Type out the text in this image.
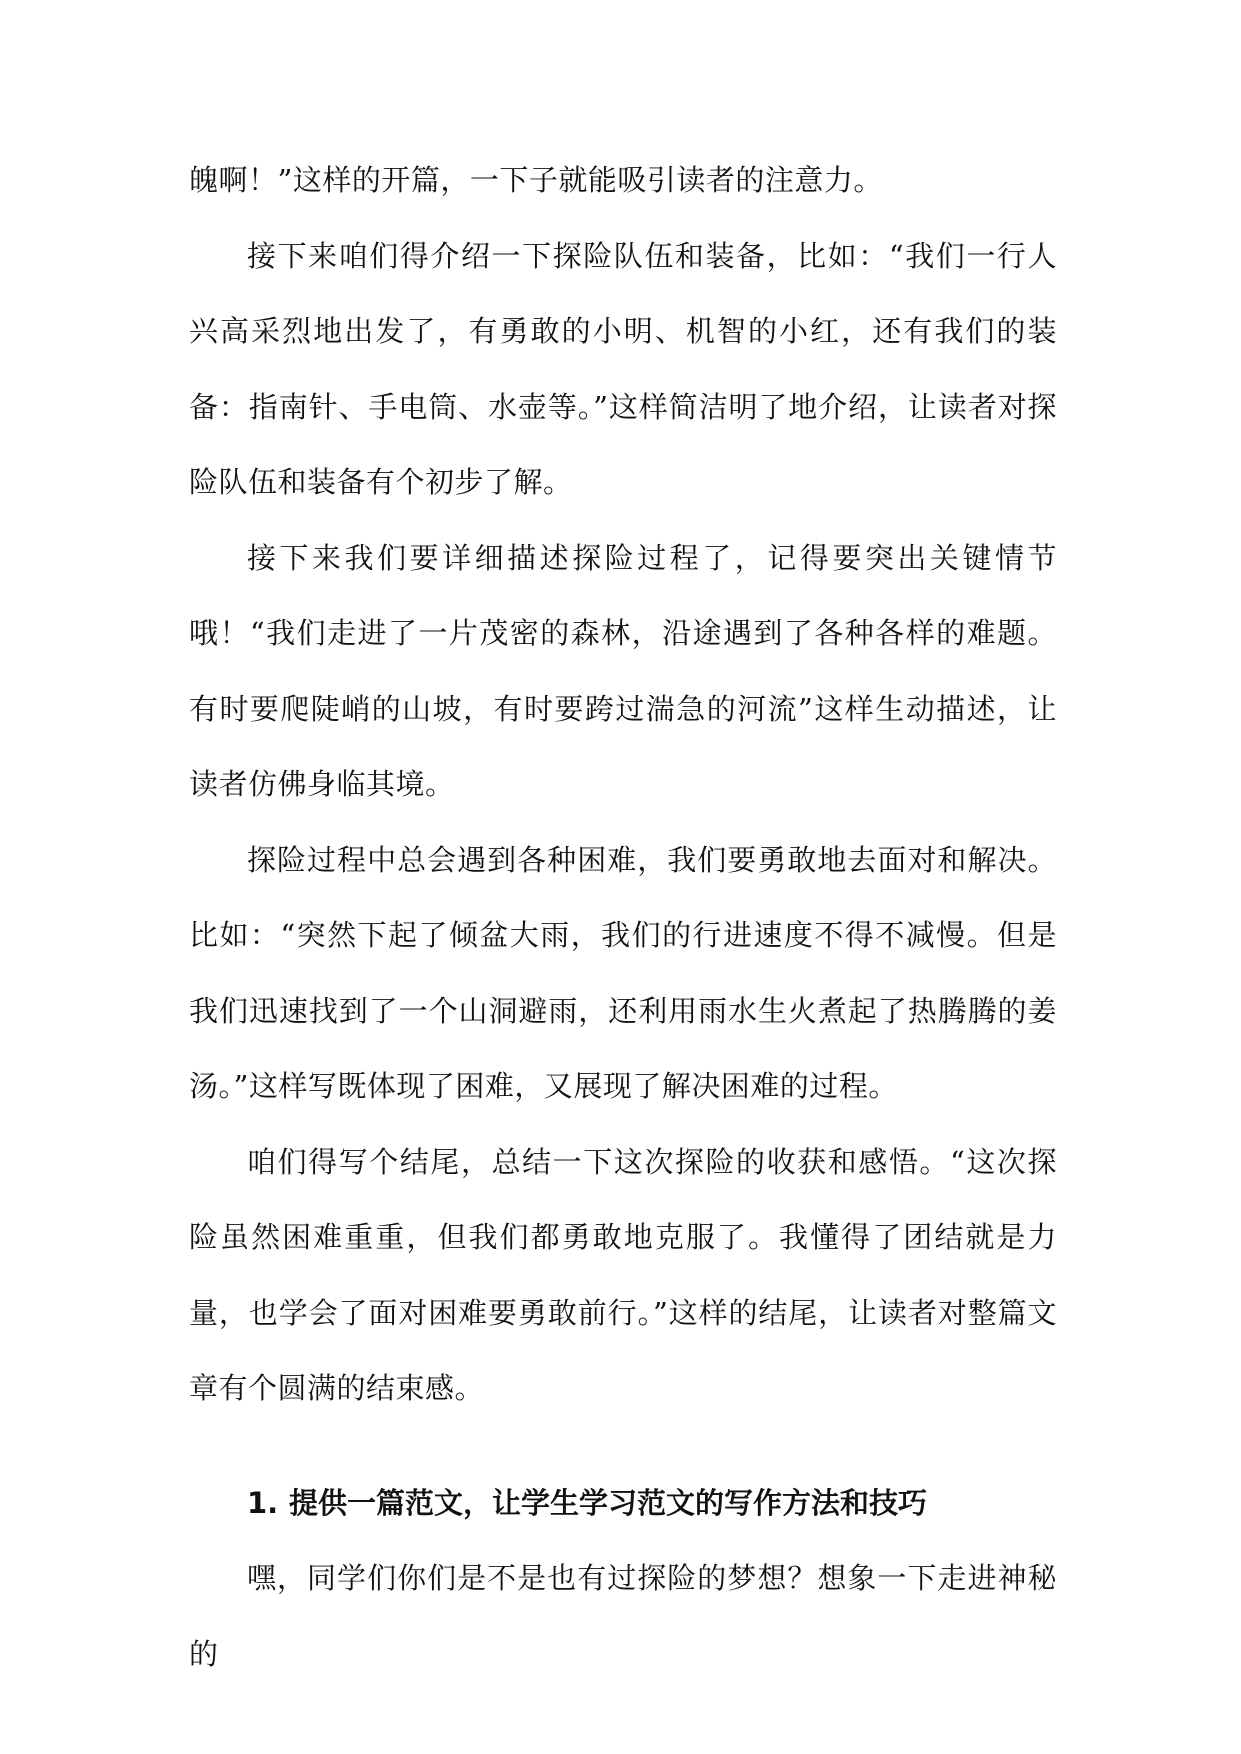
魄啊！”这样的开篇，一下子就能吸引读者的注意力。

接下来咱们得介绍一下探险队伍和装备，比如：“我们一行人兴高采烈地出发了，有勇敢的小明、机智的小红，还有我们的装备：指南针、手电筒、水壶等。”这样简洁明了地介绍，让读者对探险队伍和装备有个初步了解。

接下来我们要详细描述探险过程了，记得要突出关键情节哦！“我们走进了一片茂密的森林，沿途遇到了各种各样的难题。有时要爬陡峭的山坡，有时要跨过湍急的河流”这样生动描述，让读者仿佛身临其境。

探险过程中总会遇到各种困难，我们要勇敢地去面对和解决。比如：“突然下起了倾盆大雨，我们的行进速度不得不减慢。但是我们迅速找到了一个山洞避雨，还利用雨水生火煮起了热腾腾的姜汤。”这样写既体现了困难，又展现了解决困难的过程。

咱们得写个结尾，总结一下这次探险的收获和感悟。“这次探险虽然困难重重，但我们都勇敢地克服了。我懂得了团结就是力量，也学会了面对困难要勇敢前行。”这样的结尾，让读者对整篇文章有个圆满的结束感。

1. 提供一篇范文，让学生学习范文的写作方法和技巧

嘿，同学们你们是不是也有过探险的梦想？想象一下走进神秘的
